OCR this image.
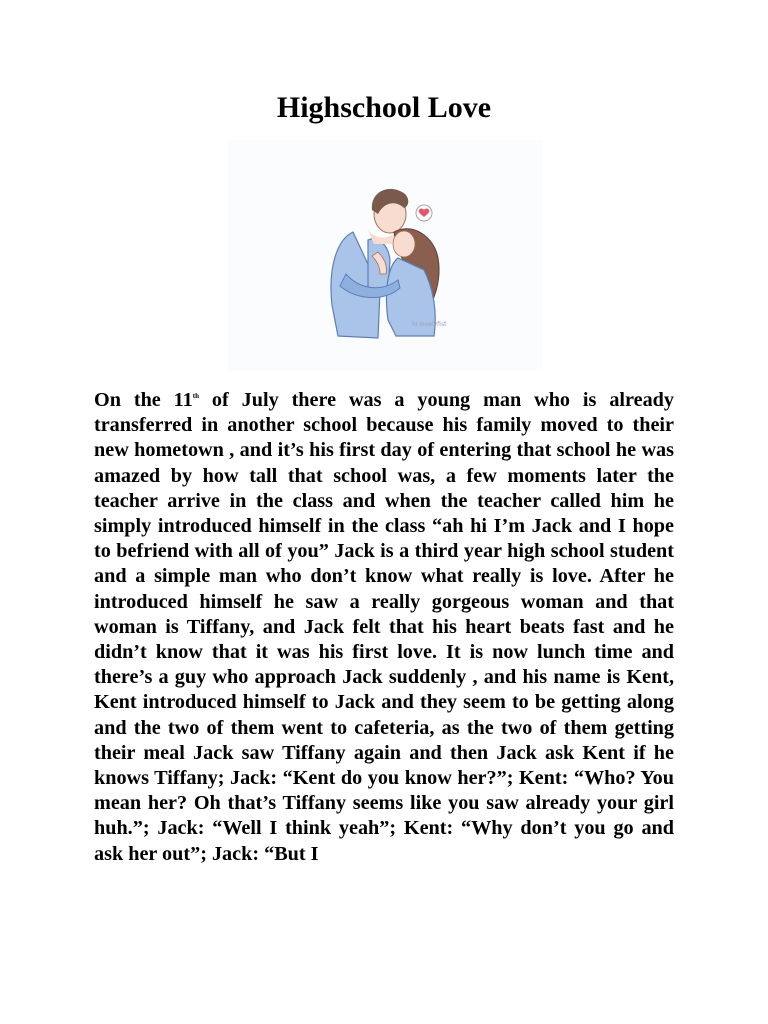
Highschool Love
hi lovelyfist

On the 11th of July there was a young man who is already transferred in another school because his family moved to their new hometown , and it’s his first day of entering that school he was amazed by how tall that school was, a few moments later the teacher arrive in the class and when the teacher called him he simply introduced himself in the class “ah hi I’m Jack and I hope to befriend with all of you” Jack is a third year high school student and a simple man who don’t know what really is love. After he introduced himself he saw a really gorgeous woman and that woman is Tiffany, and Jack felt that his heart beats fast and he didn’t know that it was his first love. It is now lunch time and there’s a guy who approach Jack suddenly , and his name is Kent, Kent introduced himself to Jack and they seem to be getting along and the two of them went to cafeteria, as the two of them getting their meal Jack saw Tiffany again and then Jack ask Kent if he knows Tiffany; Jack: “Kent do you know her?”; Kent: “Who? You mean her? Oh that’s Tiffany seems like you saw already your girl huh.”; Jack: “Well I think yeah”; Kent: “Why don’t you go and ask her out”; Jack: “But I
